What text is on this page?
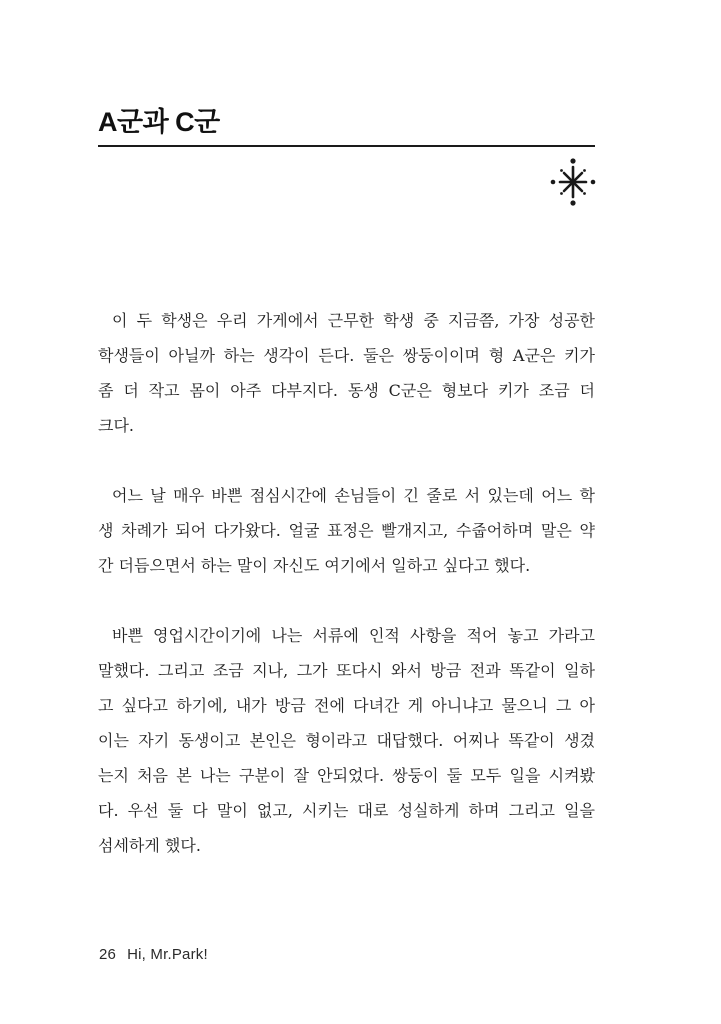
A군과 C군
이 두 학생은 우리 가게에서 근무한 학생 중 지금쯤, 가장 성공한
학생들이 아닐까 하는 생각이 든다. 둘은 쌍둥이이며 형 A군은 키가
좀 더 작고 몸이 아주 다부지다. 동생 C군은 형보다 키가 조금 더
크다.
어느 날 매우 바쁜 점심시간에 손님들이 긴 줄로 서 있는데 어느 학
생 차례가 되어 다가왔다. 얼굴 표정은 빨개지고, 수줍어하며 말은 약
간 더듬으면서 하는 말이 자신도 여기에서 일하고 싶다고 했다.
바쁜 영업시간이기에 나는 서류에 인적 사항을 적어 놓고 가라고
말했다. 그리고 조금 지나, 그가 또다시 와서 방금 전과 똑같이 일하
고 싶다고 하기에, 내가 방금 전에 다녀간 게 아니냐고 물으니 그 아
이는 자기 동생이고 본인은 형이라고 대답했다. 어찌나 똑같이 생겼
는지 처음 본 나는 구분이 잘 안되었다. 쌍둥이 둘 모두 일을 시켜봤
다. 우선 둘 다 말이 없고, 시키는 대로 성실하게 하며 그리고 일을
섬세하게 했다.
26 Hi, Mr.Park!
